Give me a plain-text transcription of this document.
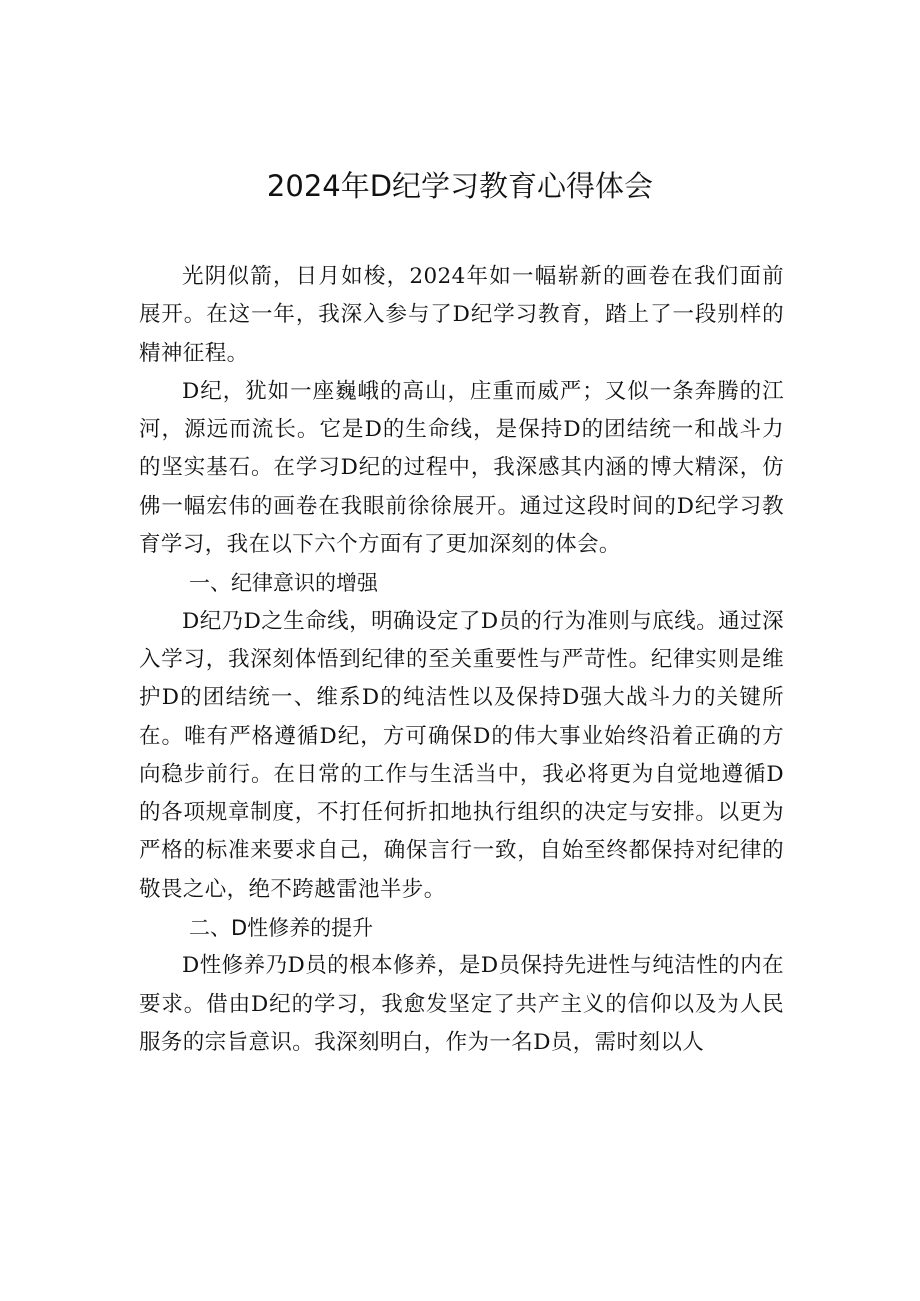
2024年D纪学习教育心得体会

光阴似箭，日月如梭，2024年如一幅崭新的画卷在我们面前展开。在这一年，我深入参与了D纪学习教育，踏上了一段别样的精神征程。

D纪，犹如一座巍峨的高山，庄重而威严；又似一条奔腾的江河，源远而流长。它是D的生命线，是保持D的团结统一和战斗力的坚实基石。在学习D纪的过程中，我深感其内涵的博大精深，仿佛一幅宏伟的画卷在我眼前徐徐展开。通过这段时间的D纪学习教育学习，我在以下六个方面有了更加深刻的体会。

一、纪律意识的增强

D纪乃D之生命线，明确设定了D员的行为准则与底线。通过深入学习，我深刻体悟到纪律的至关重要性与严苛性。纪律实则是维护D的团结统一、维系D的纯洁性以及保持D强大战斗力的关键所在。唯有严格遵循D纪，方可确保D的伟大事业始终沿着正确的方向稳步前行。在日常的工作与生活当中，我必将更为自觉地遵循D的各项规章制度，不打任何折扣地执行组织的决定与安排。以更为严格的标准来要求自己，确保言行一致，自始至终都保持对纪律的敬畏之心，绝不跨越雷池半步。

二、D性修养的提升

D性修养乃D员的根本修养，是D员保持先进性与纯洁性的内在要求。借由D纪的学习，我愈发坚定了共产主义的信仰以及为人民服务的宗旨意识。我深刻明白，作为一名D员，需时刻以人
